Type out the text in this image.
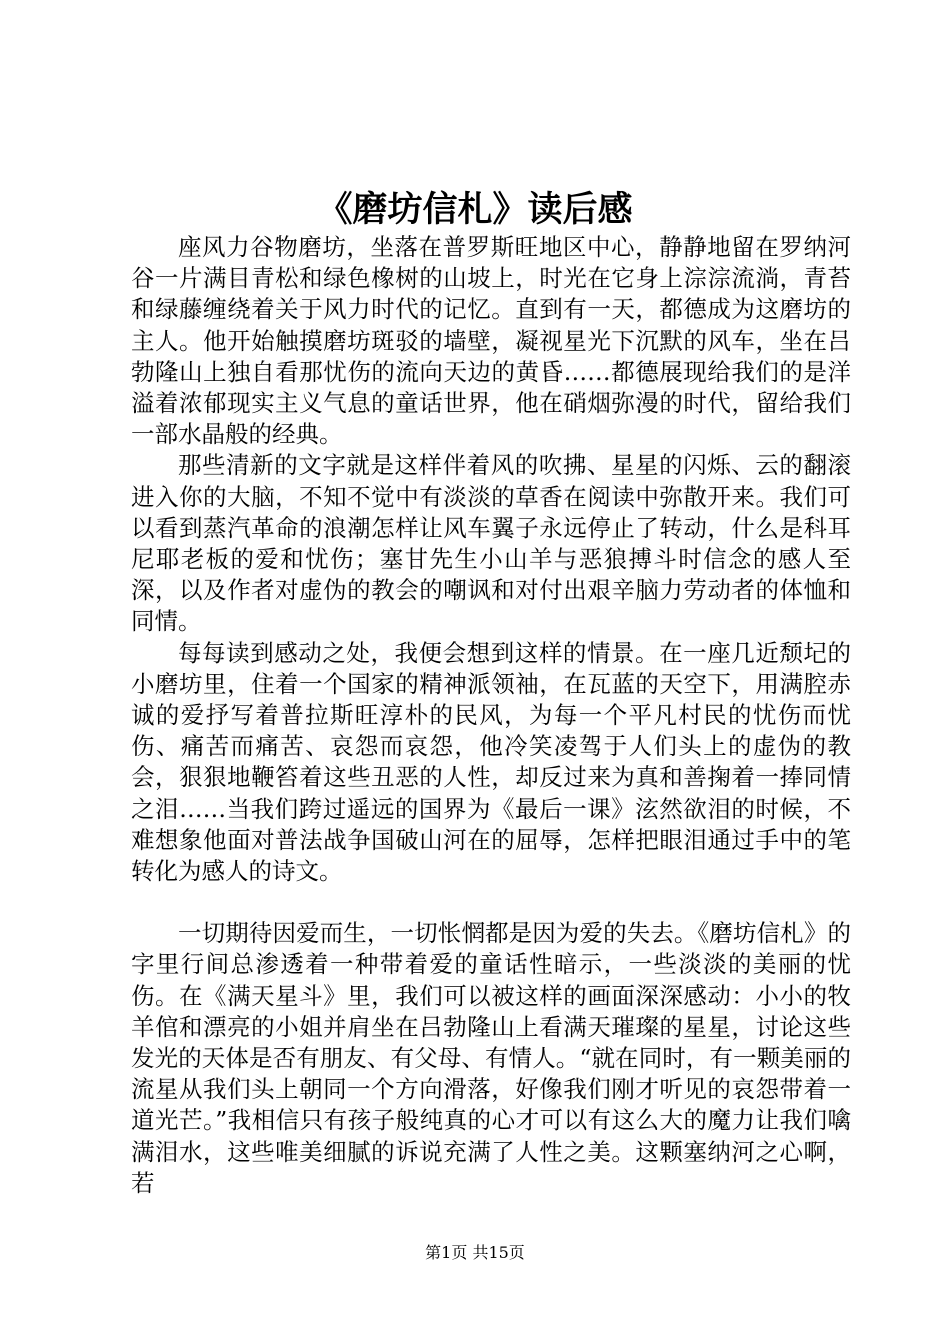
《磨坊信札》读后感

座风力谷物磨坊，坐落在普罗斯旺地区中心，静静地留在罗纳河谷一片满目青松和绿色橡树的山坡上，时光在它身上淙淙流淌，青苔和绿藤缠绕着关于风力时代的记忆。直到有一天，都德成为这磨坊的主人。他开始触摸磨坊斑驳的墙壁，凝视星光下沉默的风车，坐在吕勃隆山上独自看那忧伤的流向天边的黄昏……都德展现给我们的是洋溢着浓郁现实主义气息的童话世界，他在硝烟弥漫的时代，留给我们一部水晶般的经典。

那些清新的文字就是这样伴着风的吹拂、星星的闪烁、云的翻滚进入你的大脑，不知不觉中有淡淡的草香在阅读中弥散开来。我们可以看到蒸汽革命的浪潮怎样让风车翼子永远停止了转动，什么是科耳尼耶老板的爱和忧伤；塞甘先生小山羊与恶狼搏斗时信念的感人至深，以及作者对虚伪的教会的嘲讽和对付出艰辛脑力劳动者的体恤和同情。

每每读到感动之处，我便会想到这样的情景。在一座几近颓圮的小磨坊里，住着一个国家的精神派领袖，在瓦蓝的天空下，用满腔赤诚的爱抒写着普拉斯旺淳朴的民风，为每一个平凡村民的忧伤而忧伤、痛苦而痛苦、哀怨而哀怨，他冷笑凌驾于人们头上的虚伪的教会，狠狠地鞭笞着这些丑恶的人性，却反过来为真和善掬着一捧同情之泪……当我们跨过遥远的国界为《最后一课》泫然欲泪的时候，不难想象他面对普法战争国破山河在的屈辱，怎样把眼泪通过手中的笔转化为感人的诗文。

一切期待因爱而生，一切怅惘都是因为爱的失去。《磨坊信札》的字里行间总渗透着一种带着爱的童话性暗示，一些淡淡的美丽的忧伤。在《满天星斗》里，我们可以被这样的画面深深感动：小小的牧羊倌和漂亮的小姐并肩坐在吕勃隆山上看满天璀璨的星星，讨论这些发光的天体是否有朋友、有父母、有情人。“就在同时，有一颗美丽的流星从我们头上朝同一个方向滑落，好像我们刚才听见的哀怨带着一道光芒。”我相信只有孩子般纯真的心才可以有这么大的魔力让我们噙满泪水，这些唯美细腻的诉说充满了人性之美。这颗塞纳河之心啊，若

第1页 共15页
